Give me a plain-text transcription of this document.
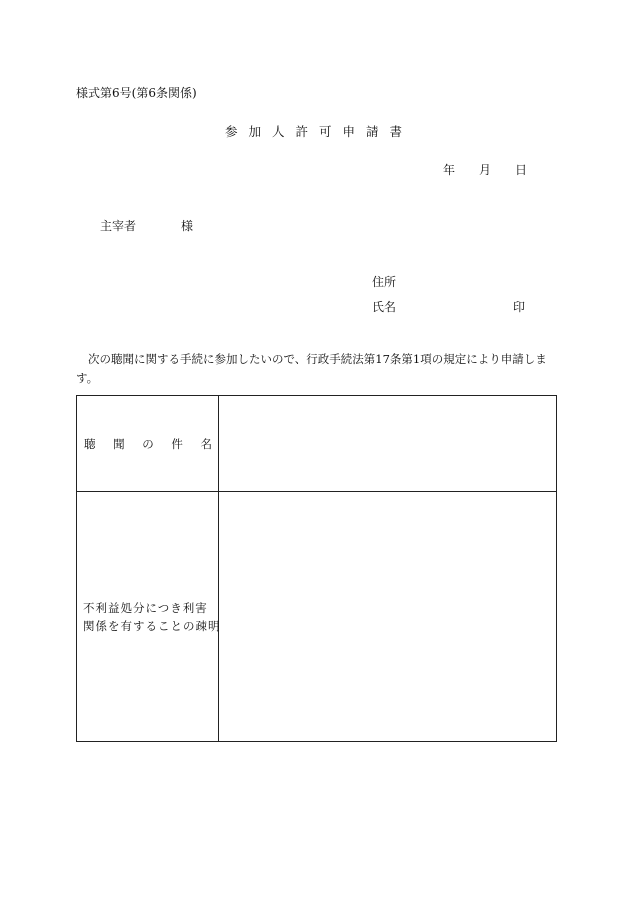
様式第6号(第6条関係)
参加人許可申請書
年 月 日
主宰者	様
住所
氏名	印
次の聴聞に関する手続に参加したいので、行政手続法第17条第1項の規定により申請します。
聴 聞 の 件 名	

不利益処分につき利害
関係を有することの疎明	
